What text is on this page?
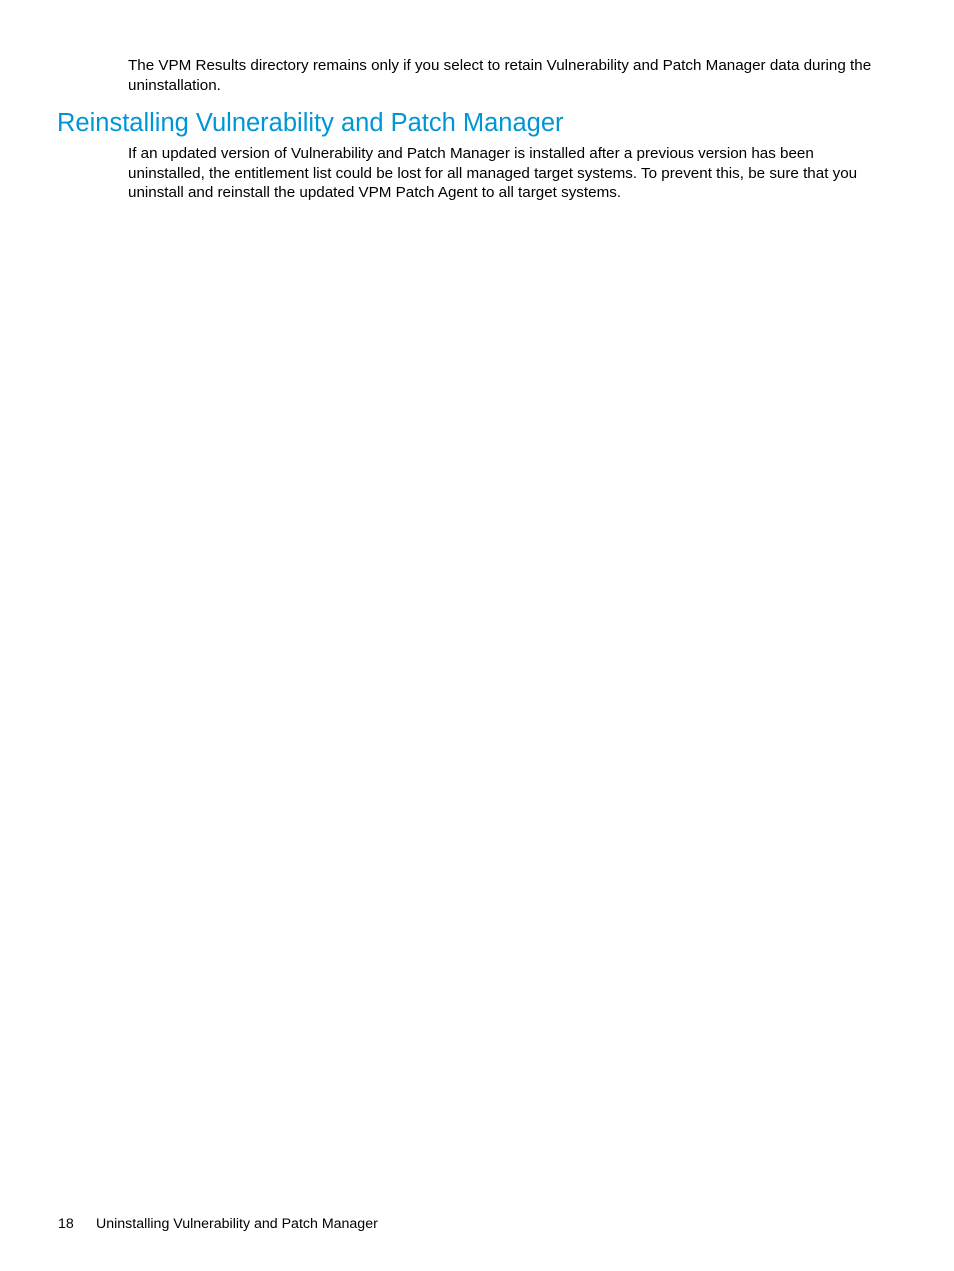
The VPM Results directory remains only if you select to retain Vulnerability and Patch Manager data during the uninstallation.

Reinstalling Vulnerability and Patch Manager

If an updated version of Vulnerability and Patch Manager is installed after a previous version has been uninstalled, the entitlement list could be lost for all managed target systems. To prevent this, be sure that you uninstall and reinstall the updated VPM Patch Agent to all target systems.

18 Uninstalling Vulnerability and Patch Manager
